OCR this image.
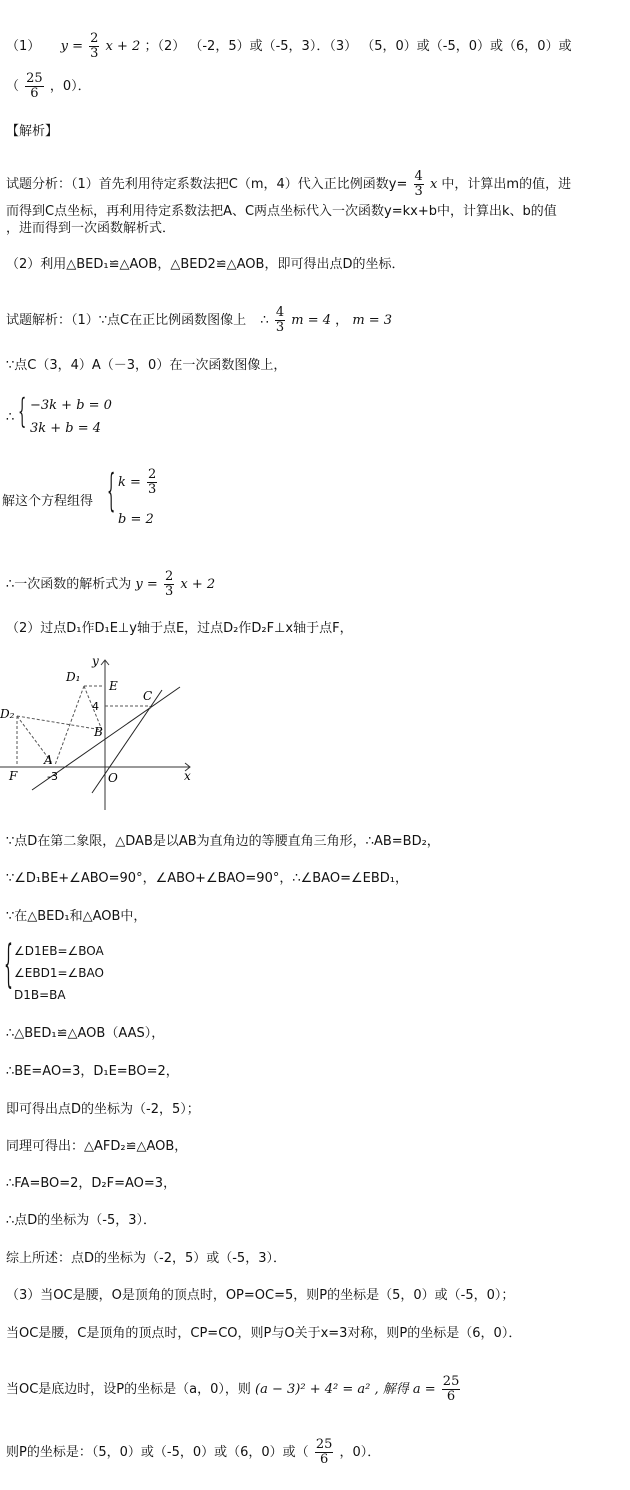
（1） $y = \frac{2}{3}$ x + 2 ；（2） （-2，5）或（-5，3）．（3） （5，0）或（-5，0）或（6，0）或
（ $\frac{25}{6}$ ，0）．
【解析】
试题分析：（1）首先利用待定系数法把C（m，4）代入正比例函数$y= \frac{4}{3}$ x 中，计算出m的值，进
而得到C点坐标，再利用待定系数法把A、C两点坐标代入一次函数y=kx+b中，计算出k、b的值
，进而得到一次函数解析式．
（2）利用△BED₁≌△AOB，△BED2≌△AOB，即可得出点D的坐标．
试题解析：（1）∵点C在正比例函数图像上 ∴ $\frac{4}{3}$ m = 4 ， m = 3
∵点C（3，4）A（－3，0）在一次函数图像上，
∴ { −3k + b = 0
3k + b = 4
解这个方程组得 { $k = \frac{2}{3}$
b = 2
∴一次函数的解析式为 $y = \frac{2}{3}$ x + 2
（2）过点D₁作D₁E⊥y轴于点E，过点D₂作D₂F⊥x轴于点F，
y
x
D₁
D₂
E
C
B
A
F	O
4
-3
∵点D在第二象限，△DAB是以AB为直角边的等腰直角三角形，∴AB=BD₂，
∵∠D₁BE+∠ABO=90°，∠ABO+∠BAO=90°，∴∠BAO=∠EBD₁，
∵在△BED₁和△AOB中，
{ ∠D1EB=∠BOA
∠EBD1=∠BAO
D1B=BA
∴△BED₁≌△AOB（AAS），
∴BE=AO=3，D₁E=BO=2，
即可得出点D的坐标为（-2，5）；
同理可得出：△AFD₂≌△AOB，
∴FA=BO=2，D₂F=AO=3，
∴点D的坐标为（-5，3）．
综上所述：点D的坐标为（-2，5）或（-5，3）．
（3）当OC是腰，O是顶角的顶点时，OP=OC=5，则P的坐标是（5，0）或（-5，0）；
当OC是腰，C是顶角的顶点时，CP=CO，则P与O关于x=3对称，则P的坐标是（6，0）．
当OC是底边时，设P的坐标是（a，0），则 (a − 3)² + 4² = a² , 解得 $a = \frac{25}{6}$
则P的坐标是：（5，0）或（-5，0）或（6，0）或（ $\frac{25}{6}$ ，0）．
